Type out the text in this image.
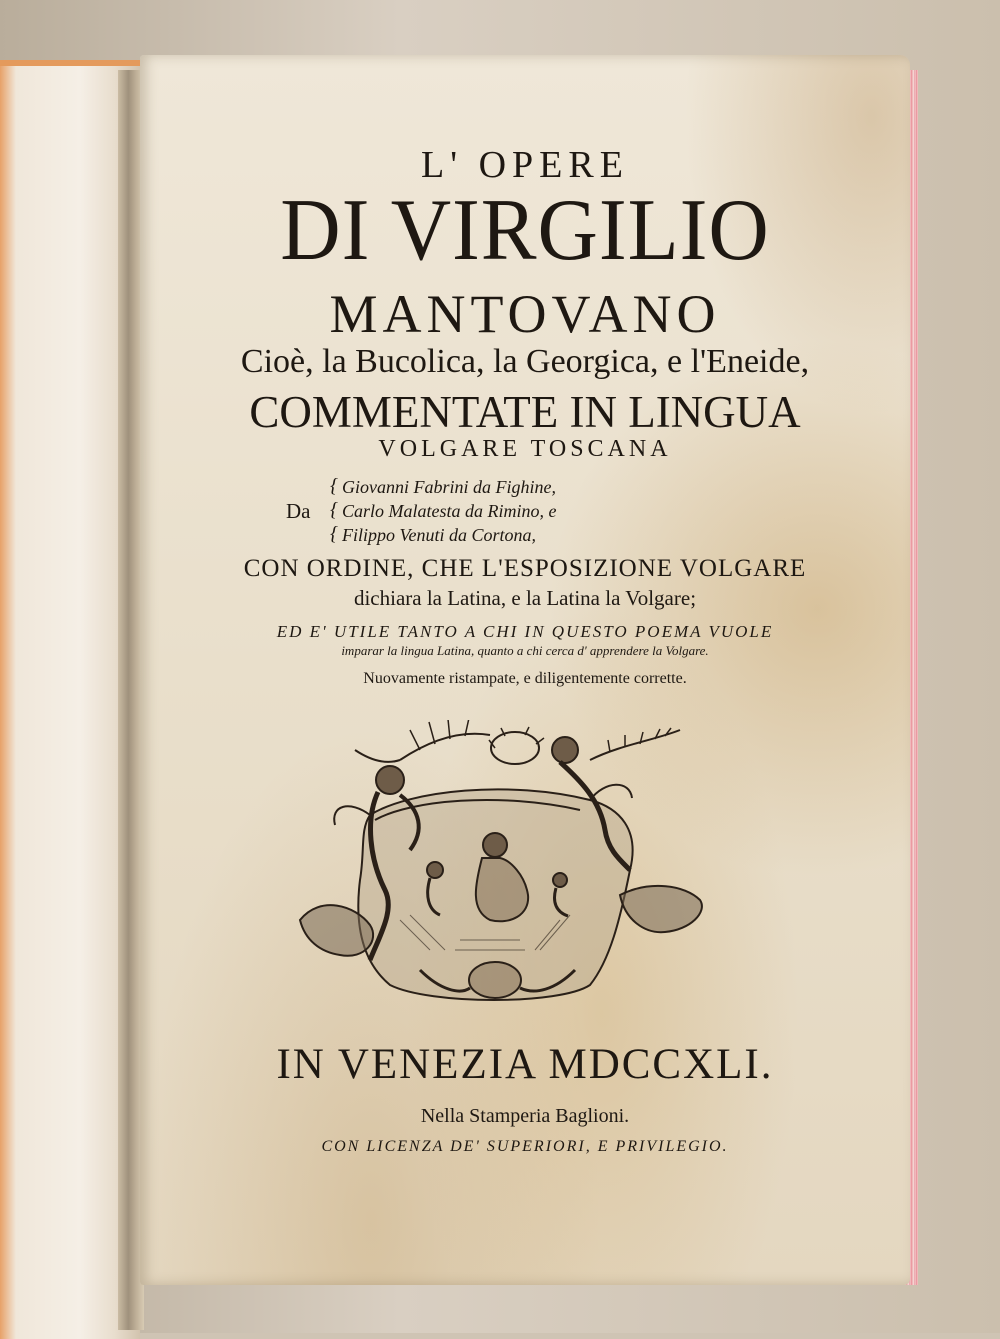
L' OPERE
DI VIRGILIO
MANTOVANO
Cioè, la Bucolica, la Georgica, e l'Eneide,
COMMENTATE IN LINGUA
VOLGARE TOSCANA
Da
{ Giovanni Fabrini da Fighine,
{ Carlo Malatesta da Rimino, e
{ Filippo Venuti da Cortona,
CON ORDINE, CHE L'ESPOSIZIONE VOLGARE
dichiara la Latina, e la Latina la Volgare;
ED E' UTILE TANTO A CHI IN QUESTO POEMA VUOLE
imparar la lingua Latina, quanto a chi cerca d' apprendere la Volgare.
Nuovamente ristampate, e diligentemente corrette.
IN VENEZIA MDCCXLI.
Nella Stamperia Baglioni.
CON LICENZA DE' SUPERIORI, E PRIVILEGIO.
